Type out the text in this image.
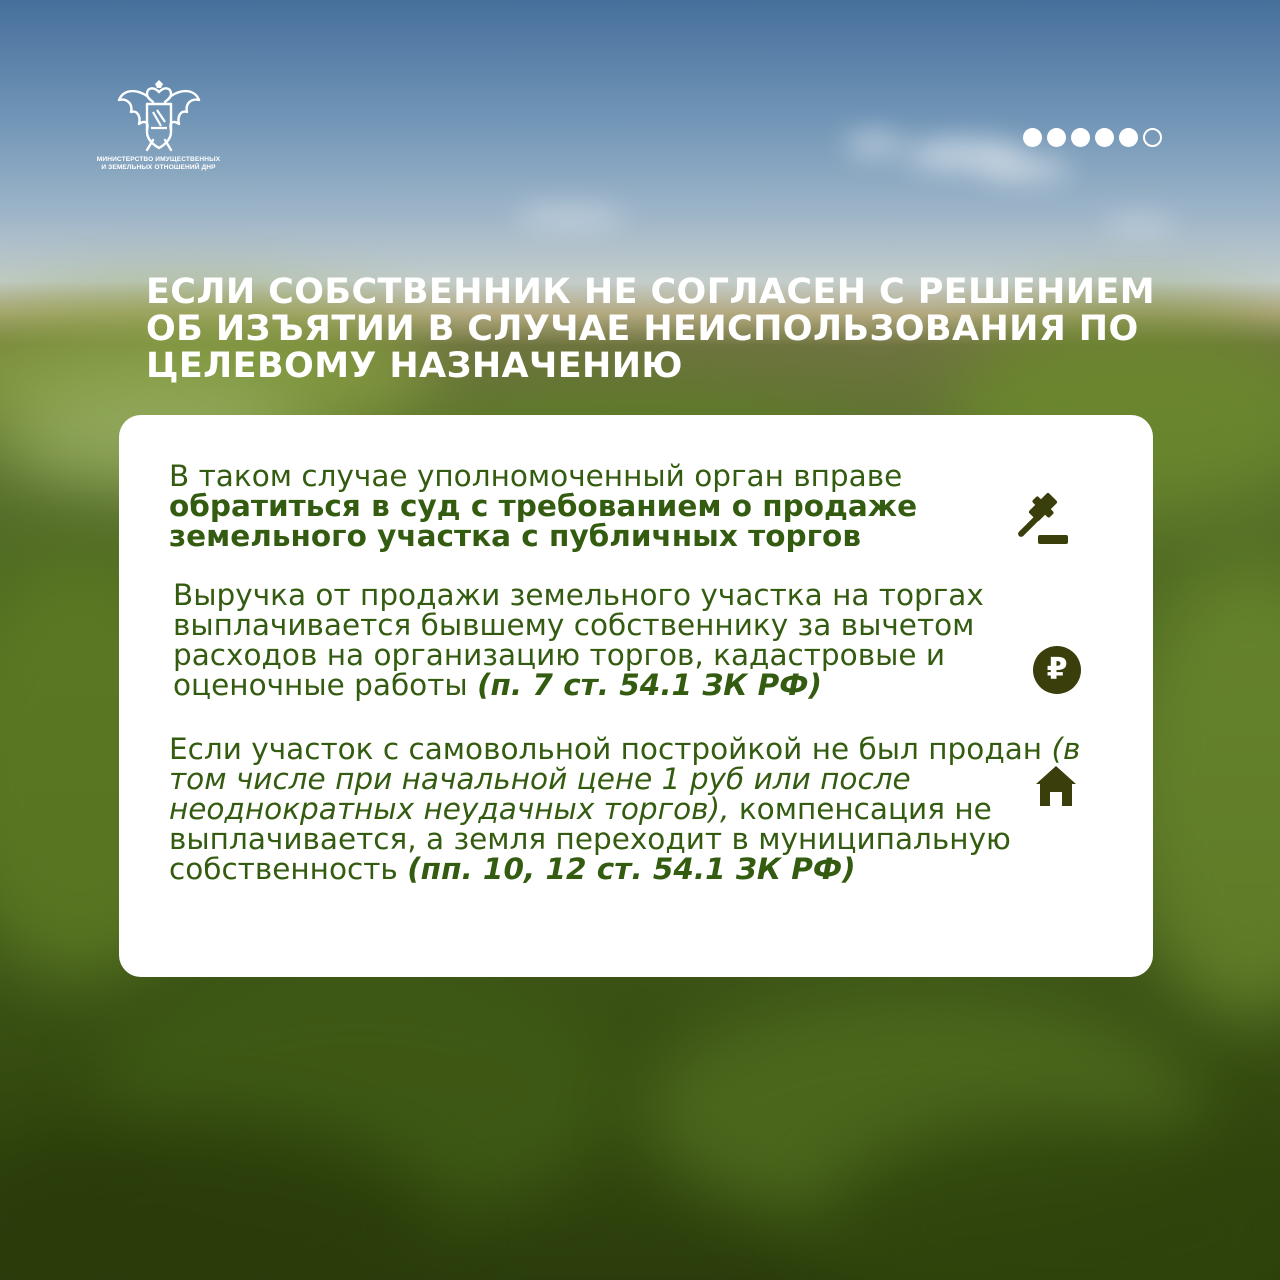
МИНИСТЕРСТВО ИМУЩЕСТВЕННЫХ
И ЗЕМЕЛЬНЫХ ОТНОШЕНИЙ ДНР
ЕСЛИ СОБСТВЕННИК НЕ СОГЛАСЕН С РЕШЕНИЕМ
ОБ ИЗЪЯТИИ В СЛУЧАЕ НЕИСПОЛЬЗОВАНИЯ ПО
ЦЕЛЕВОМУ НАЗНАЧЕНИЮ

В таком случае уполномоченный орган вправе обратиться в суд с требованием о продаже земельного участка с публичных торгов

Выручка от продажи земельного участка на торгах выплачивается бывшему собственнику за вычетом расходов на организацию торгов, кадастровые и оценочные работы (п. 7 ст. 54.1 ЗК РФ)	₽

Если участок с самовольной постройкой не был продан (в том числе при начальной цене 1 руб или после неоднократных неудачных торгов), компенсация не выплачивается, а земля переходит в муниципальную собственность (пп. 10, 12 ст. 54.1 ЗК РФ)
